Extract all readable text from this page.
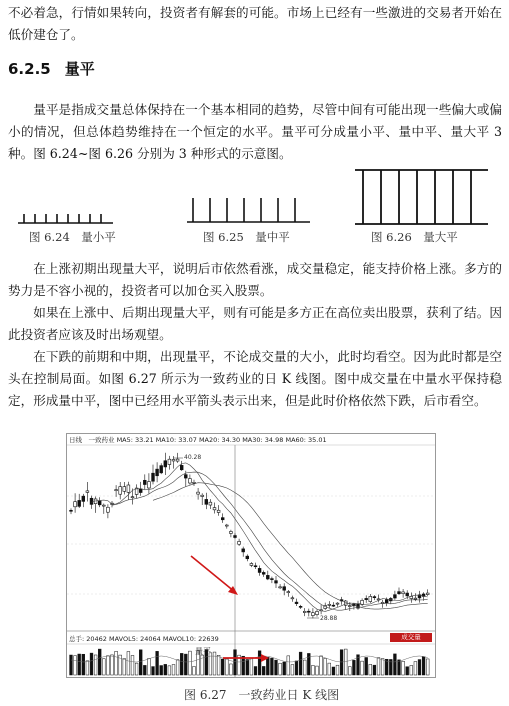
不必着急，行情如果转向，投资者有解套的可能。市场上已经有一些激进的交易者开始在低价建仓了。

6.2.5 量平

量平是指成交量总体保持在一个基本相同的趋势，尽管中间有可能出现一些偏大或偏小的情况，但总体趋势维持在一个恒定的水平。量平可分成量小平、量中平、量大平 3 种。图 6.24~图 6.26 分别为 3 种形式的示意图。

图 6.24　量小平	图 6.25　量中平	图 6.26　量大平

在上涨初期出现量大平，说明后市依然看涨，成交量稳定，能支持价格上涨。多方的势力是不容小视的，投资者可以加仓买入股票。

如果在上涨中、后期出现量大平，则有可能是多方正在高位卖出股票，获利了结。因此投资者应该及时出场观望。

在下跌的前期和中期，出现量平，不论成交量的大小，此时均看空。因为此时都是空头在控制局面。如图 6.27 所示为一致药业的日 K 线图。图中成交量在中量水平保持稳定，形成量中平，图中已经用水平箭头表示出来，但是此时价格依然下跌，后市看空。

日线　一致药业 MA5: 33.21 MA10: 33.07 MA20: 34.30 MA30: 34.98 MA60: 35.01
40.28
28.88
总手: 20462 MAVOL5: 24064 MAVOL10: 22639	成交量
量平
图 6.27　一致药业日 K 线图
